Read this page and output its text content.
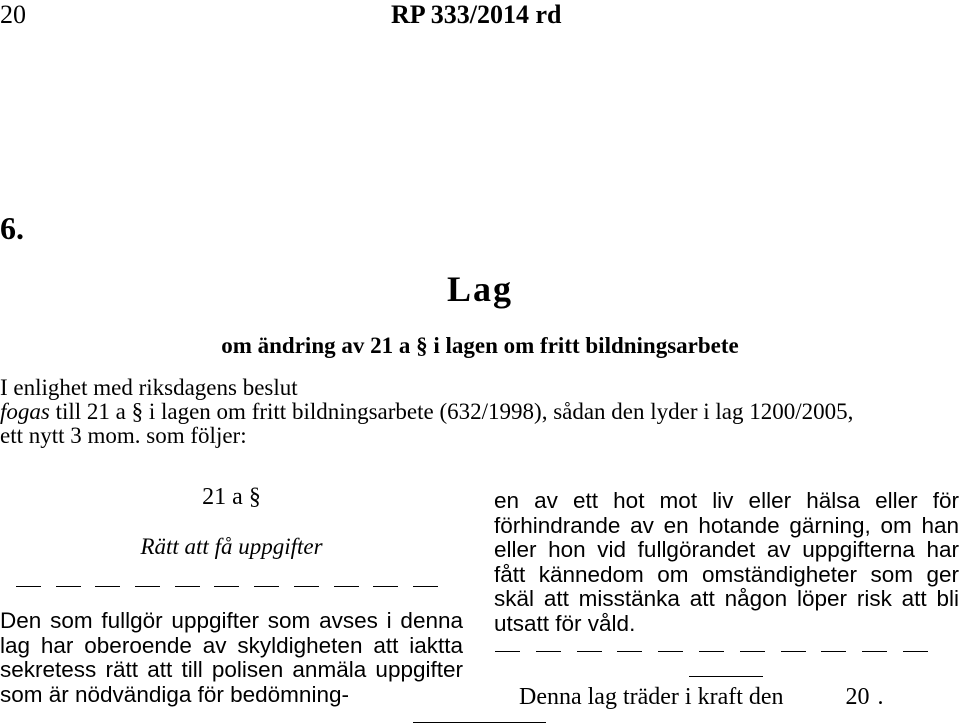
20	RP 333/2014 rd
6.
Lag
om ändring av 21 a § i lagen om fritt bildningsarbete
I enlighet med riksdagens beslut
fogas till 21 a § i lagen om fritt bildningsarbete (632/1998), sådan den lyder i lag 1200/2005,
ett nytt 3 mom. som följer:
21 a §
Rätt att få uppgifter
Den som fullgör uppgifter som avses i denna lag har oberoende av skyldigheten att iaktta sekretess rätt att till polisen anmäla uppgifter som är nödvändiga för bedömning-
en av ett hot mot liv eller hälsa eller för förhindrande av en hotande gärning, om han eller hon vid fullgörandet av uppgifterna har fått kännedom om omständigheter som ger skäl att misstänka att någon löper risk att bli utsatt för våld.
Denna lag träder i kraft den	20 .
